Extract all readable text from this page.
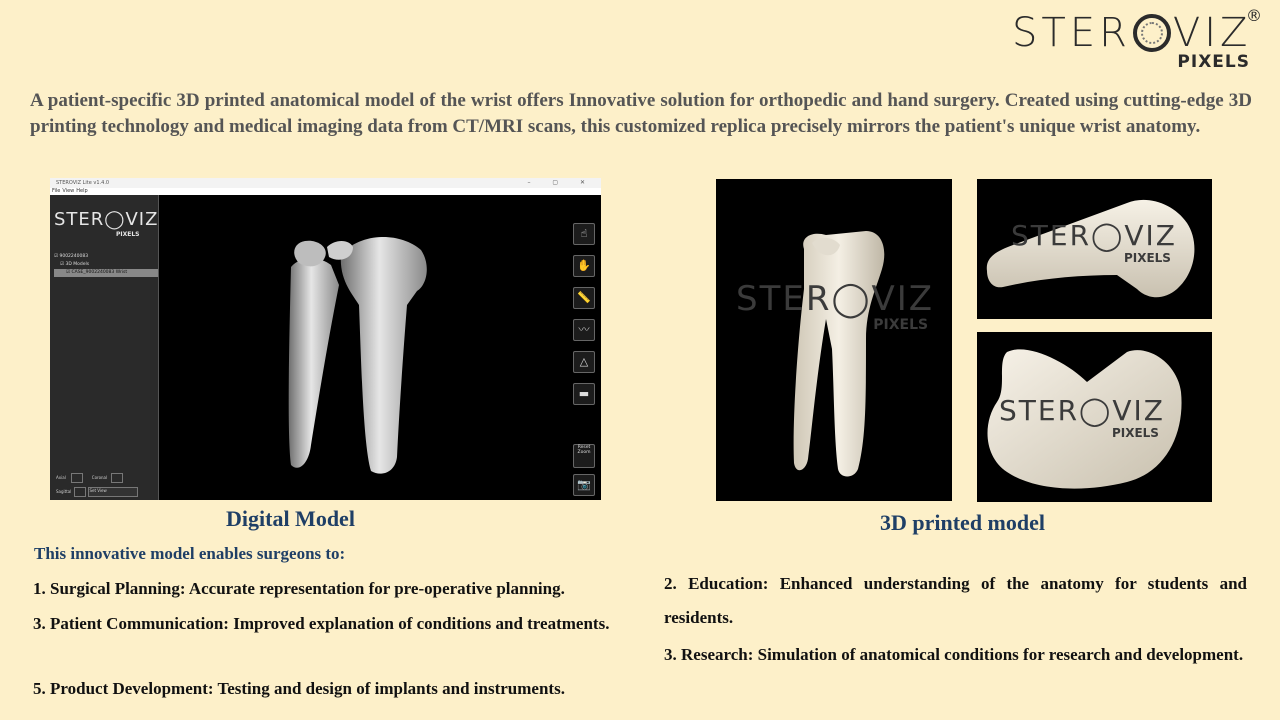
STER VIZ
®
PIXELS
A patient-specific 3D printed anatomical model of the wrist offers Innovative solution for orthopedic and hand surgery. Created using cutting-edge 3D printing technology and medical imaging data from CT/MRI scans, this customized replica precisely mirrors the patient's unique wrist anatomy.
STEROVIZ Lite v1.4.0	– ▢ ✕
File View Help
STER◯VIZ
PIXELS
☑ 9002240083
☑ 3D Models
☑ CASE_9002240083 Wrist
Axial	Coronal
Sagittal	Set View
☝
✋
📏
〰
△
▬
Reset Zoom
📷
STER◯VIZ
PIXELS
STER◯VIZ
PIXELS
STER◯VIZ
PIXELS
Digital Model	3D printed model
This innovative model enables surgeons to:
1. Surgical Planning: Accurate representation for pre-operative planning.
3. Patient Communication: Improved explanation of conditions and treatments.
5. Product Development: Testing and design of implants and instruments.
2. Education: Enhanced understanding of the anatomy for students and residents.
3. Research: Simulation of anatomical conditions for research and development.
